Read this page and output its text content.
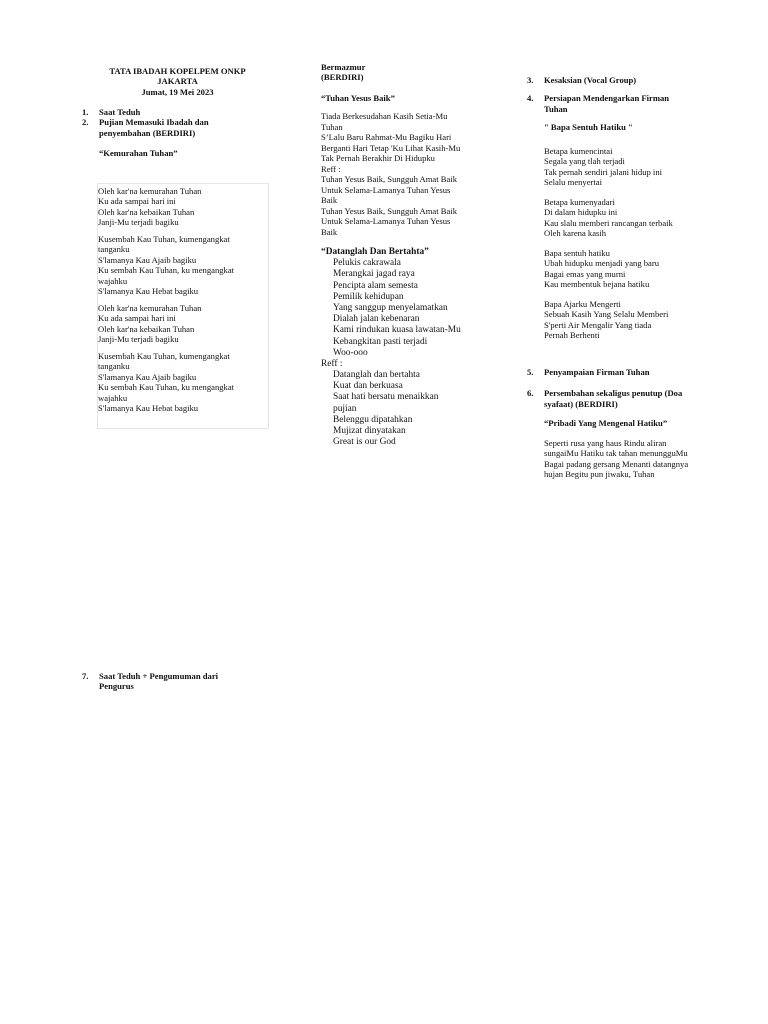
TATA IBADAH KOPELPEM ONKP
JAKARTA
Jumat, 19 Mei 2023
1.	Saat Teduh
2.	Pujian Memasuki Ibadah dan
penyembahan (BERDIRI)
“Kemurahan Tuhan”
Oleh kar'na kemurahan Tuhan
Ku ada sampai hari ini
Oleh kar'na kebaikan Tuhan
Janji-Mu terjadi bagiku
Kusembah Kau Tuhan, kumengangkat
tanganku
S'lamanya Kau Ajaib bagiku
Ku sembah Kau Tuhan, ku mengangkat
wajahku
S'lamanya Kau Hebat bagiku
Oleh kar'na kemurahan Tuhan
Ku ada sampai hari ini
Oleh kar'na kebaikan Tuhan
Janji-Mu terjadi bagiku
Kusembah Kau Tuhan, kumengangkat
tanganku
S'lamanya Kau Ajaib bagiku
Ku sembah Kau Tuhan, ku mengangkat
wajahku
S'lamanya Kau Hebat bagiku
7.	Saat Teduh + Pengumuman dari
Pengurus
Bermazmur
(BERDIRI)
“Tuhan Yesus Baik”
Tiada Berkesudahan Kasih Setia-Mu
Tuhan
S’Lalu Baru Rahmat-Mu Bagiku Hari
Berganti Hari Tetap 'Ku Lihat Kasih-Mu
Tak Pernah Berakhir Di Hidupku
Reff :
Tuhan Yesus Baik, Sungguh Amat Baik
Untuk Selama-Lamanya Tuhan Yesus
Baik
Tuhan Yesus Baik, Sungguh Amat Baik
Untuk Selama-Lamanya Tuhan Yesus
Baik
“Datanglah Dan Bertahta”
Pelukis cakrawala
Merangkai jagad raya
Pencipta alam semesta
Pemilik kehidupan
Yang sanggup menyelamatkan
Dialah jalan kebenaran
Kami rindukan kuasa lawatan-Mu
Kebangkitan pasti terjadi
Woo-ooo
Reff :
Datanglah dan bertahta
Kuat dan berkuasa
Saat hati bersatu menaikkan
pujian
Belenggu dipatahkan
Mujizat dinyatakan
Great is our God
3.	Kesaksian (Vocal Group)
4.	Persiapan Mendengarkan Firman
Tuhan
" Bapa Sentuh Hatiku "
Betapa kumencintai
Segala yang tlah terjadi
Tak pernah sendiri jalani hidup ini
Selalu menyertai
Betapa kumenyadari
Di dalam hidupku ini
Kau slalu memberi rancangan terbaik
Oleh karena kasih
Bapa sentuh hatiku
Ubah hidupku menjadi yang baru
Bagai emas yang murni
Kau membentuk bejana hatiku
Bapa Ajarku Mengerti
Sebuah Kasih Yang Selalu Memberi
S'perti Air Mengalir Yang tiada
Pernah Berhenti
5.	Penyampaian Firman Tuhan
6.	Persembahan sekaligus penutup (Doa
syafaat) (BERDIRI)
“Pribadi Yang Mengenal Hatiku”
Seperti rusa yang haus Rindu aliran
sungaiMu Hatiku tak tahan menungguMu
Bagai padang gersang Menanti datangnya
hujan Begitu pun jiwaku, Tuhan
